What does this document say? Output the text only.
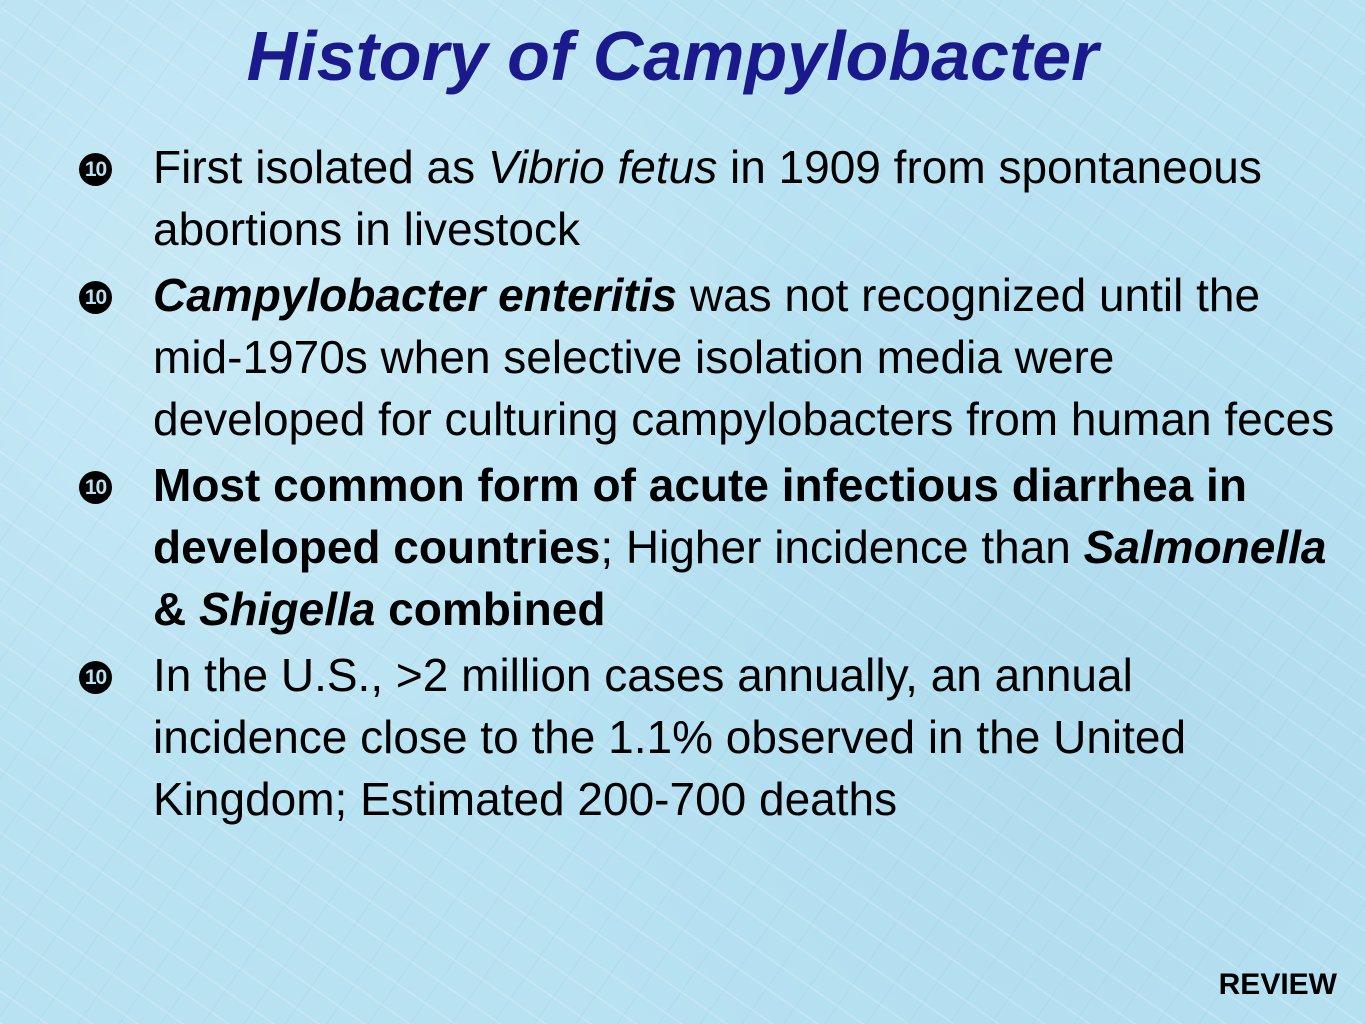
History of Campylobacter
10 First isolated as Vibrio fetus in 1909 from spontaneous abortions in livestock
10 Campylobacter enteritis was not recognized until the mid-1970s when selective isolation media were developed for culturing campylobacters from human feces
10 Most common form of acute infectious diarrhea in developed countries; Higher incidence than Salmonella & Shigella combined
10 In the U.S., >2 million cases annually, an annual incidence close to the 1.1% observed in the United Kingdom; Estimated 200-700 deaths
REVIEW
